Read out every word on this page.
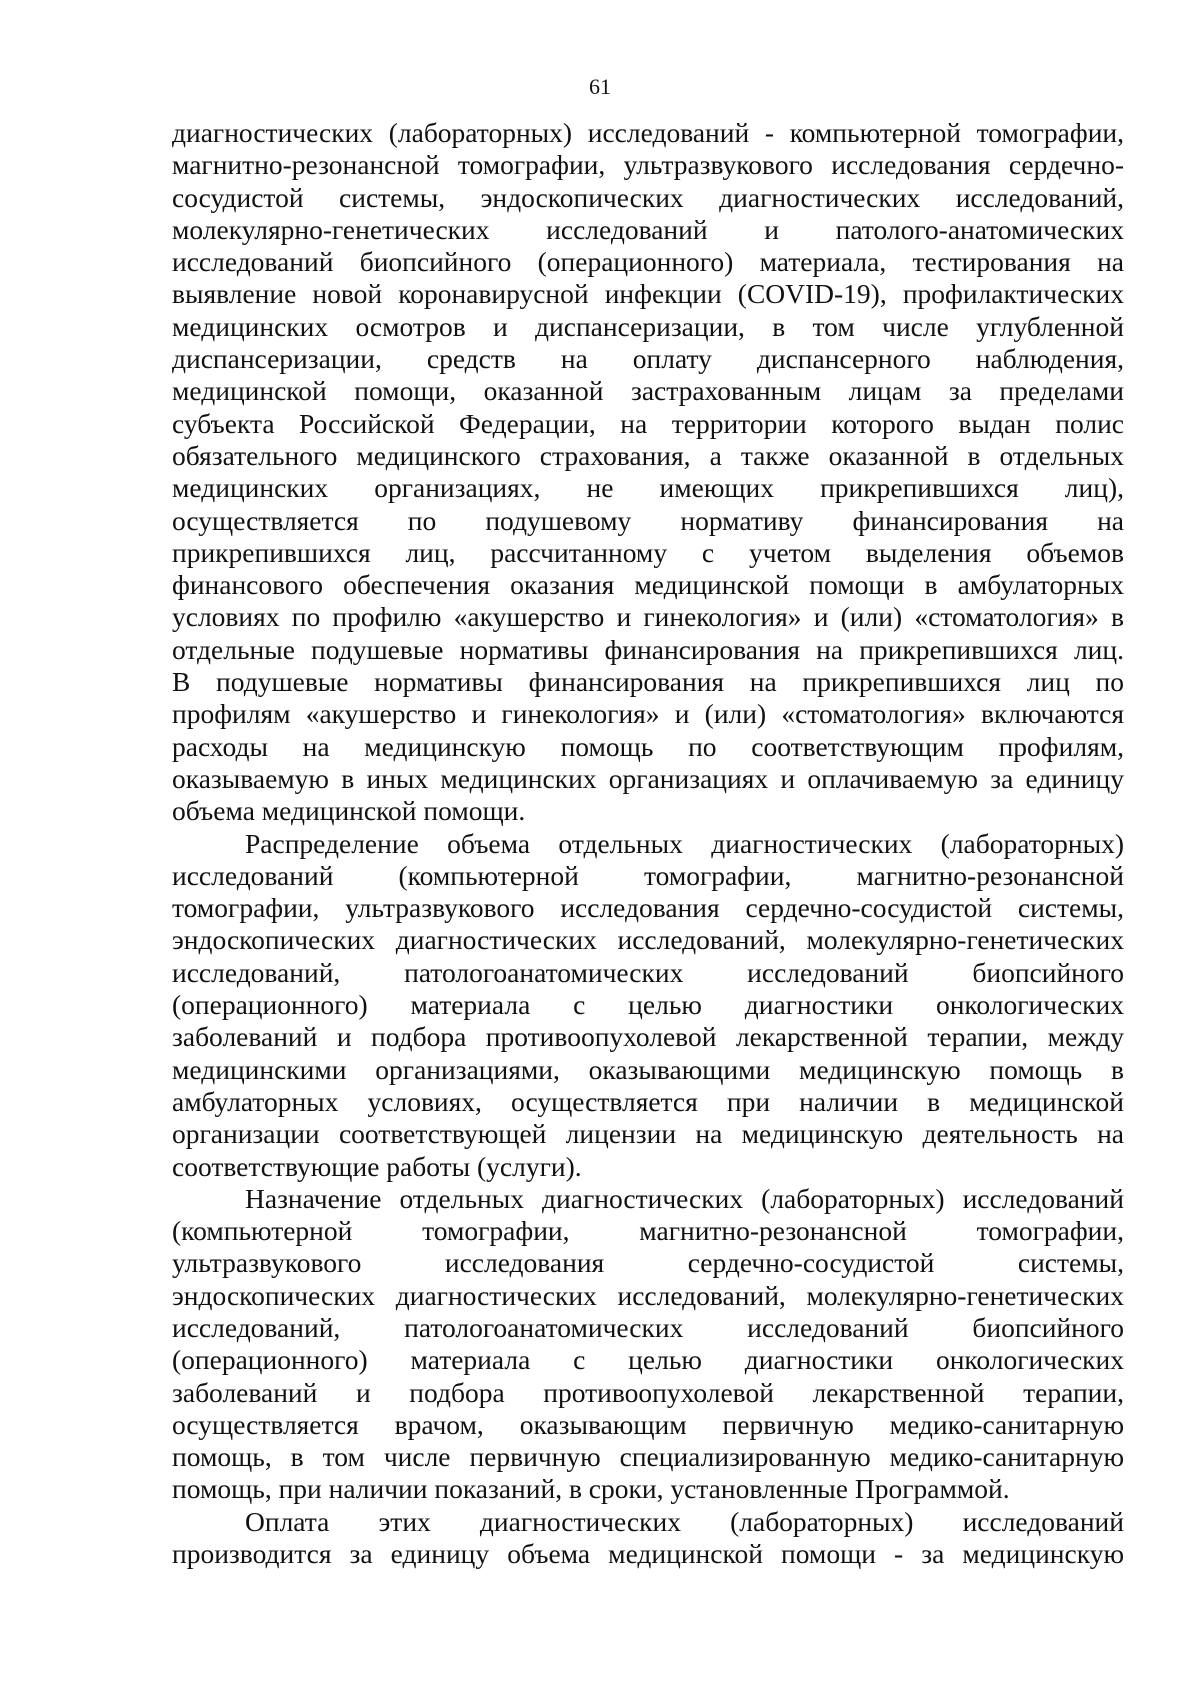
61
диагностических (лабораторных) исследований - компьютерной томографии,
магнитно-резонансной томографии, ультразвукового исследования сердечно-
сосудистой системы, эндоскопических диагностических исследований,
молекулярно-генетических исследований и патолого-анатомических
исследований биопсийного (операционного) материала, тестирования на
выявление новой коронавирусной инфекции (COVID-19), профилактических
медицинских осмотров и диспансеризации, в том числе углубленной
диспансеризации, средств на оплату диспансерного наблюдения,
медицинской помощи, оказанной застрахованным лицам за пределами
субъекта Российской Федерации, на территории которого выдан полис
обязательного медицинского страхования, а также оказанной в отдельных
медицинских организациях, не имеющих прикрепившихся лиц),
осуществляется по подушевому нормативу финансирования на
прикрепившихся лиц, рассчитанному с учетом выделения объемов
финансового обеспечения оказания медицинской помощи в амбулаторных
условиях по профилю «акушерство и гинекология» и (или) «стоматология» в
отдельные подушевые нормативы финансирования на прикрепившихся лиц.
В подушевые нормативы финансирования на прикрепившихся лиц по
профилям «акушерство и гинекология» и (или) «стоматология» включаются
расходы на медицинскую помощь по соответствующим профилям,
оказываемую в иных медицинских организациях и оплачиваемую за единицу
объема медицинской помощи.
Распределение объема отдельных диагностических (лабораторных)
исследований (компьютерной томографии, магнитно-резонансной
томографии, ультразвукового исследования сердечно-сосудистой системы,
эндоскопических диагностических исследований, молекулярно-генетических
исследований, патологоанатомических исследований биопсийного
(операционного) материала с целью диагностики онкологических
заболеваний и подбора противоопухолевой лекарственной терапии, между
медицинскими организациями, оказывающими медицинскую помощь в
амбулаторных условиях, осуществляется при наличии в медицинской
организации соответствующей лицензии на медицинскую деятельность на
соответствующие работы (услуги).
Назначение отдельных диагностических (лабораторных) исследований
(компьютерной томографии, магнитно-резонансной томографии,
ультразвукового исследования сердечно-сосудистой системы,
эндоскопических диагностических исследований, молекулярно-генетических
исследований, патологоанатомических исследований биопсийного
(операционного) материала с целью диагностики онкологических
заболеваний и подбора противоопухолевой лекарственной терапии,
осуществляется врачом, оказывающим первичную медико-санитарную
помощь, в том числе первичную специализированную медико-санитарную
помощь, при наличии показаний, в сроки, установленные Программой.
Оплата этих диагностических (лабораторных) исследований
производится за единицу объема медицинской помощи - за медицинскую
